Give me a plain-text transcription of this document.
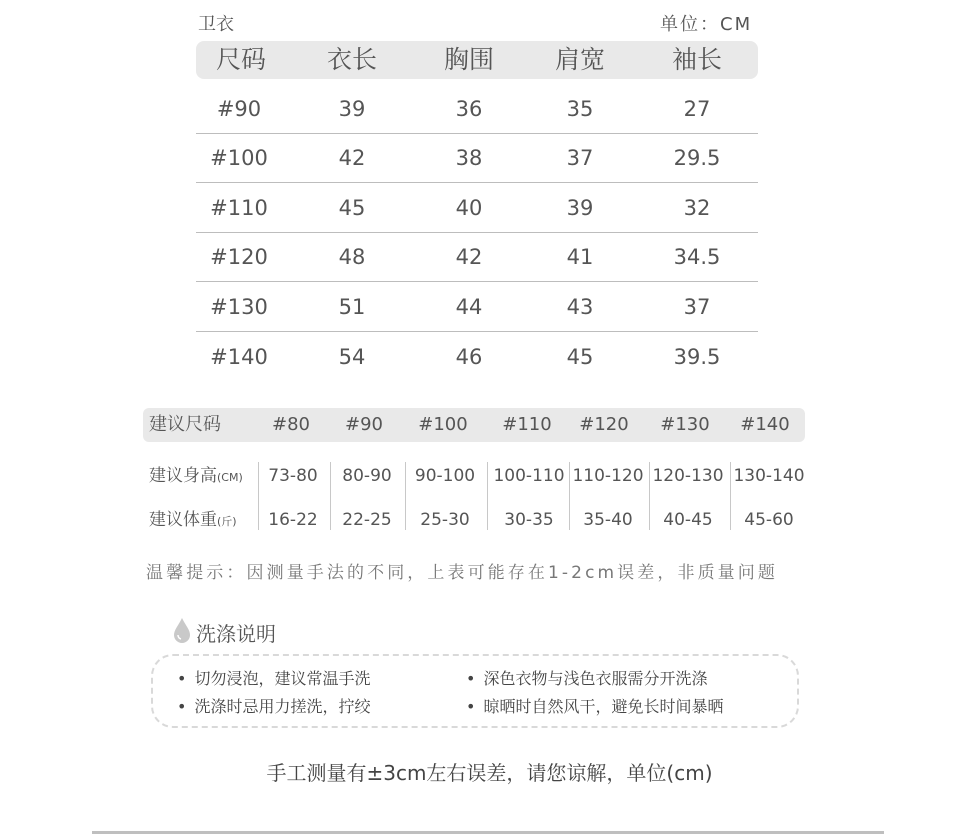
卫衣	单位：CM
尺码 衣长	胸围 肩宽	袖长
#90	39	36	35	27
#100	42	38	37	29.5
#110	45	40	39	32
#120	48	42	41	34.5
#130	51	44	43	37
#140	54	46	45	39.5
建议尺码	#80 #90 #100 #110 #120 #130 #140
建议身高(CM) 73-80 80-90 90-100 100-110 110-120 120-130 130-140
建议体重(斤) 16-22 22-25 25-30 30-35 35-40 40-45 45-60
温馨提示：因测量手法的不同，上表可能存在1-2cm误差，非质量问题
洗涤说明
• 切勿浸泡，建议常温手洗	• 深色衣物与浅色衣服需分开洗涤
• 洗涤时忌用力搓洗，拧绞	• 晾晒时自然风干，避免长时间暴晒
手工测量有±3cm左右误差，请您谅解，单位(cm)
